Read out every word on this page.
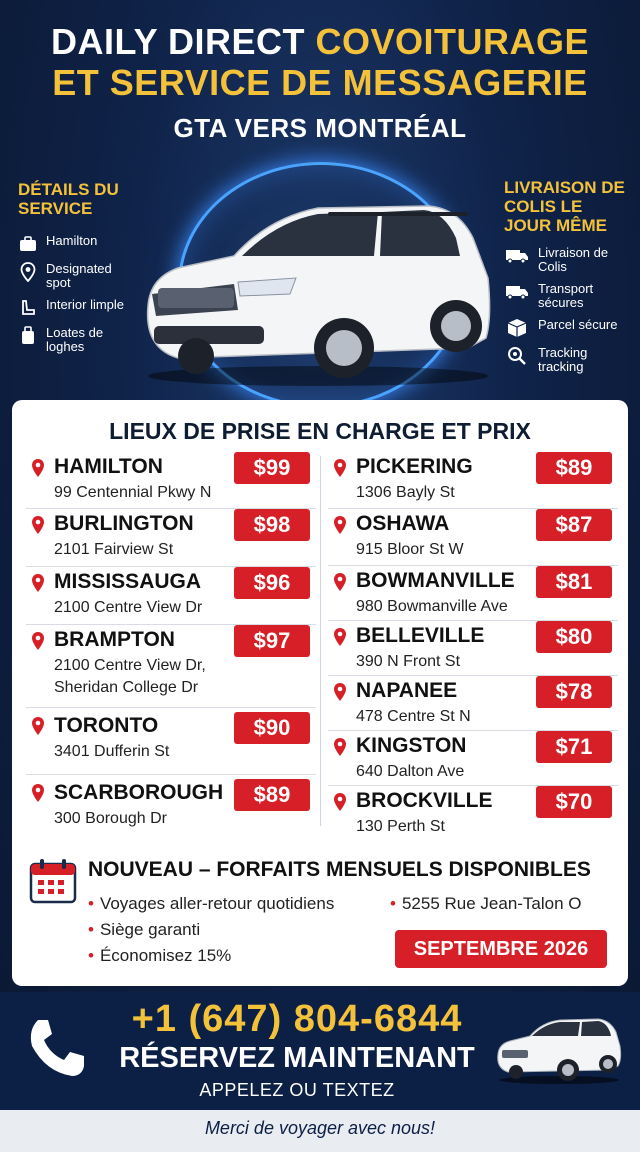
DAILY DIRECT COVOITURAGE
ET SERVICE DE MESSAGERIE
GTA VERS MONTRÉAL
DÉTAILS DU SERVICE
Hamilton
Designated spot
Interior limple
Loates de loghes
LIVRAISON DE COLIS LE JOUR MÊME
Livraison de Colis
Transport sécures
Parcel sécure
Tracking tracking
LIEUX DE PRISE EN CHARGE ET PRIX
HAMILTON
99 Centennial Pkwy N
$99
BURLINGTON
2101 Fairview St
$98
MISSISSAUGA
2100 Centre View Dr
$96
BRAMPTON
2100 Centre View Dr, Sheridan College Dr
$97
TORONTO
3401 Dufferin St
$90
SCARBOROUGH
300 Borough Dr
$89
PICKERING
1306 Bayly St
$89
OSHAWA
915 Bloor St W
$87
BOWMANVILLE
980 Bowmanville Ave
$81
BELLEVILLE
390 N Front St
$80
NAPANEE
478 Centre St N
$78
KINGSTON
640 Dalton Ave
$71
BROCKVILLE
130 Perth St
$70
NOUVEAU – FORFAITS MENSUELS DISPONIBLES
• Voyages aller-retour quotidiens
• Siège garanti
• Économisez 15%
• 5255 Rue Jean-Talon O
SEPTEMBRE 2026
+1 (647) 804-6844
RÉSERVEZ MAINTENANT
APPELEZ OU TEXTEZ
Merci de voyager avec nous!
